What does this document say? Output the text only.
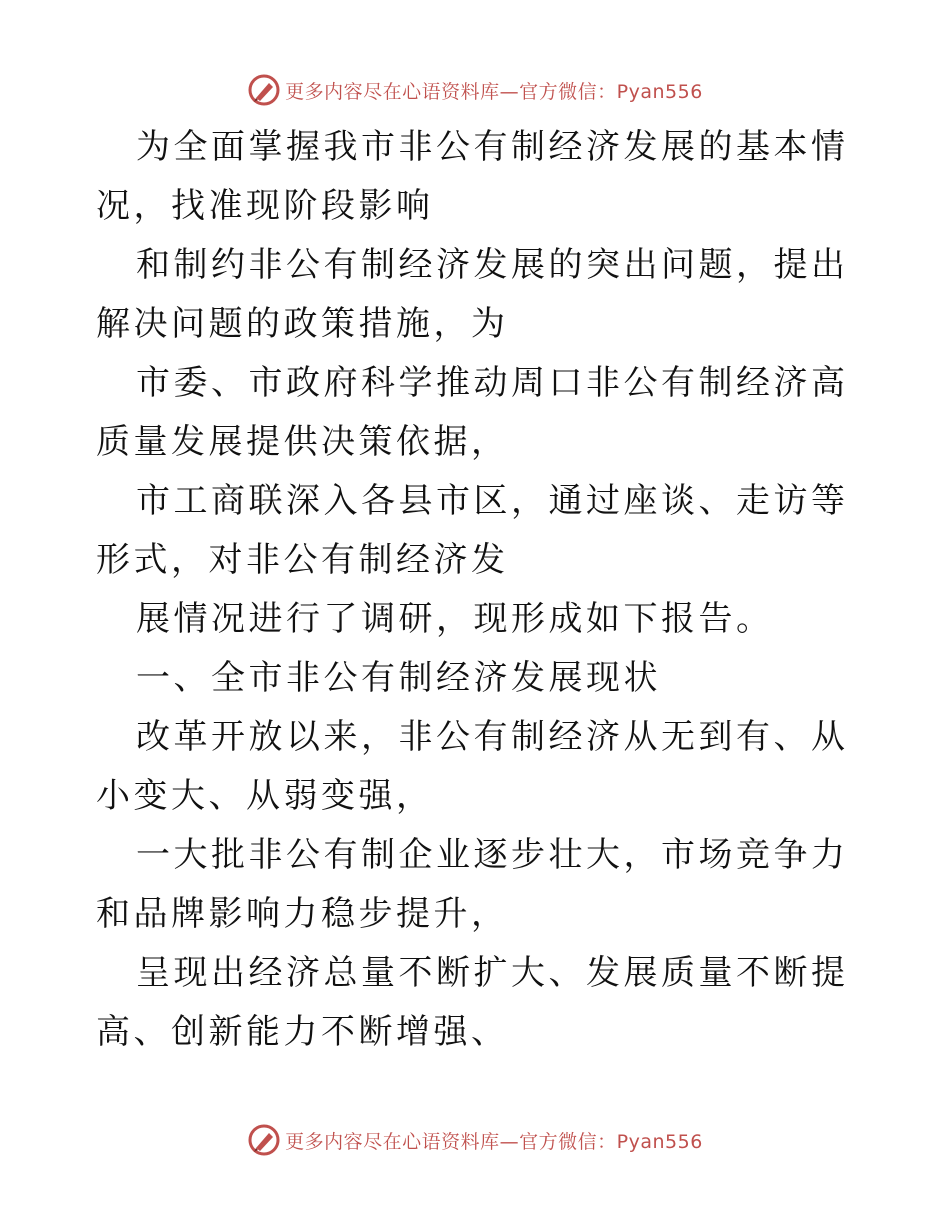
更多内容尽在心语资料库—官方微信：Pyan556

为全面掌握我市非公有制经济发展的基本情况，找准现阶段影响

和制约非公有制经济发展的突出问题，提出解决问题的政策措施，为

市委、市政府科学推动周口非公有制经济高质量发展提供决策依据，

市工商联深入各县市区，通过座谈、走访等形式，对非公有制经济发

展情况进行了调研，现形成如下报告。

一、全市非公有制经济发展现状

改革开放以来，非公有制经济从无到有、从小变大、从弱变强，

一大批非公有制企业逐步壮大，市场竞争力和品牌影响力稳步提升，

呈现出经济总量不断扩大、发展质量不断提高、创新能力不断增强、

更多内容尽在心语资料库—官方微信：Pyan556
